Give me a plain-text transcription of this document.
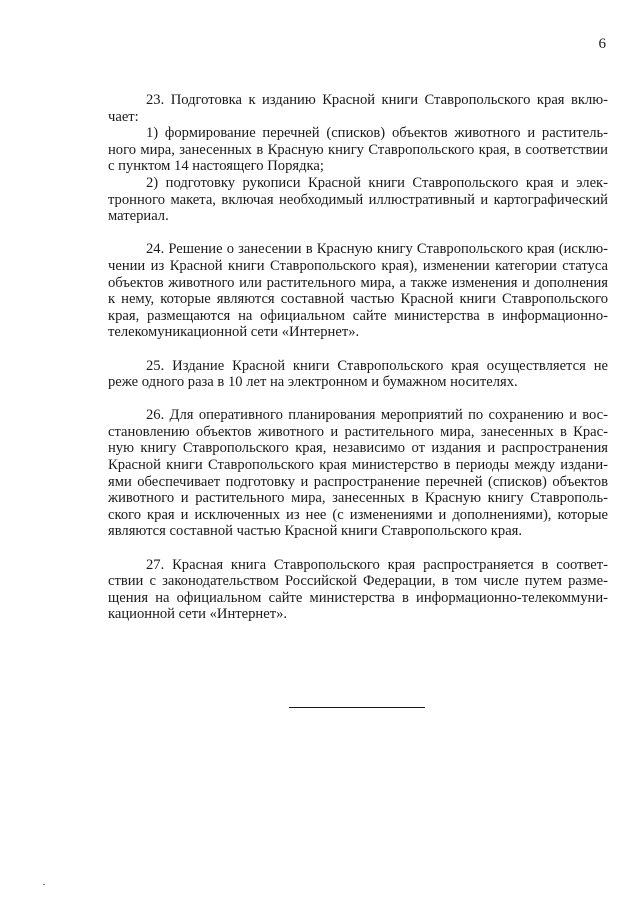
6
23. Подготовка к изданию Красной книги Ставропольского края вклю-
чает:
1) формирование перечней (списков) объектов животного и раститель-
ного мира, занесенных в Красную книгу Ставропольского края, в соответствии
с пунктом 14 настоящего Порядка;
2) подготовку рукописи Красной книги Ставропольского края и элек-
тронного макета, включая необходимый иллюстративный и картографический
материал.
24. Решение о занесении в Красную книгу Ставропольского края (исклю-
чении из Красной книги Ставропольского края), изменении категории статуса
объектов животного или растительного мира, а также изменения и дополнения
к нему, которые являются составной частью Красной книги Ставропольского
края, размещаются на официальном сайте министерства в информационно-
телекомуникационной сети «Интернет».
25. Издание Красной книги Ставропольского края осуществляется не
реже одного раза в 10 лет на электронном и бумажном носителях.
26. Для оперативного планирования мероприятий по сохранению и вос-
становлению объектов животного и растительного мира, занесенных в Крас-
ную книгу Ставропольского края, независимо от издания и распространения
Красной книги Ставропольского края министерство в периоды между издани-
ями обеспечивает подготовку и распространение перечней (списков) объектов
животного и растительного мира, занесенных в Красную книгу Ставрополь-
ского края и исключенных из нее (с изменениями и дополнениями), которые
являются составной частью Красной книги Ставропольского края.
27. Красная книга Ставропольского края распространяется в соответ-
ствии с законодательством Российской Федерации, в том числе путем разме-
щения на официальном сайте министерства в информационно-телекоммуни-
кационной сети «Интернет».
